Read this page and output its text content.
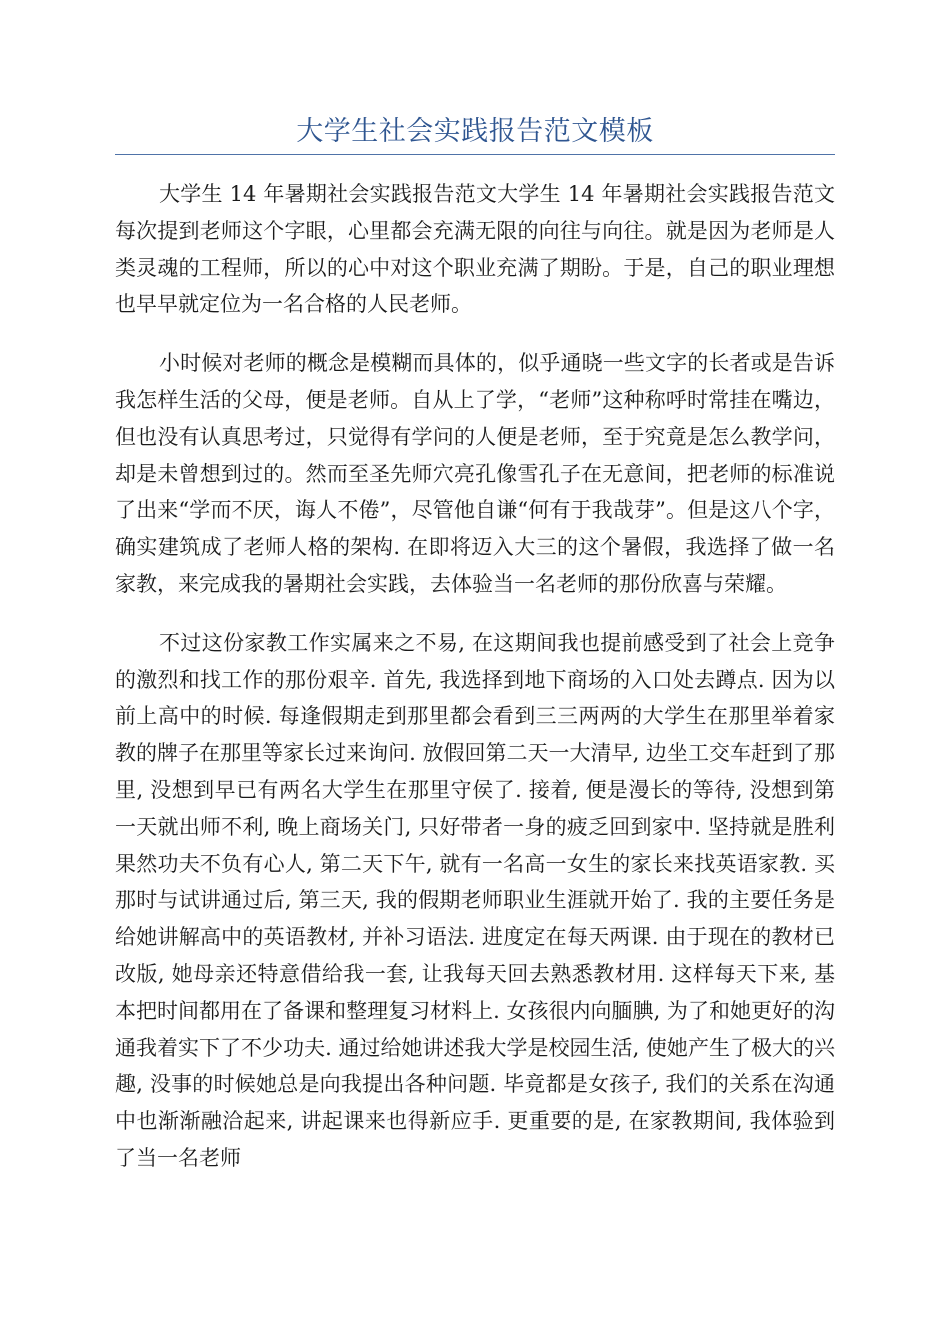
大学生社会实践报告范文模板

大学生 14 年暑期社会实践报告范文大学生 14 年暑期社会实践报告范文每次提到老师这个字眼，心里都会充满无限的向往与向往。就是因为老师是人类灵魂的工程师，所以的心中对这个职业充满了期盼。于是，自己的职业理想也早早就定位为一名合格的人民老师。

小时候对老师的概念是模糊而具体的，似乎通晓一些文字的长者或是告诉我怎样生活的父母，便是老师。自从上了学，“老师”这种称呼时常挂在嘴边，但也没有认真思考过，只觉得有学问的人便是老师，至于究竟是怎么教学问，却是未曾想到过的。然而至圣先师穴亮孔像雪孔子在无意间，把老师的标准说了出来“学而不厌，诲人不倦”，尽管他自谦“何有于我哉芽”。但是这八个字，确实建筑成了老师人格的架构. 在即将迈入大三的这个暑假，我选择了做一名家教，来完成我的暑期社会实践，去体验当一名老师的那份欣喜与荣耀。

不过这份家教工作实属来之不易, 在这期间我也提前感受到了社会上竞争的激烈和找工作的那份艰辛. 首先, 我选择到地下商场的入口处去蹲点. 因为以前上高中的时候. 每逢假期走到那里都会看到三三两两的大学生在那里举着家教的牌子在那里等家长过来询问. 放假回第二天一大清早, 边坐工交车赶到了那里, 没想到早已有两名大学生在那里守侯了. 接着, 便是漫长的等待, 没想到第一天就出师不利, 晚上商场关门, 只好带者一身的疲乏回到家中. 坚持就是胜利果然功夫不负有心人, 第二天下午, 就有一名高一女生的家长来找英语家教. 买那时与试讲通过后, 第三天, 我的假期老师职业生涯就开始了. 我的主要任务是给她讲解高中的英语教材, 并补习语法. 进度定在每天两课. 由于现在的教材已改版, 她母亲还特意借给我一套, 让我每天回去熟悉教材用. 这样每天下来, 基本把时间都用在了备课和整理复习材料上. 女孩很内向腼腆, 为了和她更好的沟通我着实下了不少功夫. 通过给她讲述我大学是校园生活, 使她产生了极大的兴趣, 没事的时候她总是向我提出各种问题. 毕竟都是女孩子, 我们的关系在沟通中也渐渐融洽起来, 讲起课来也得新应手. 更重要的是, 在家教期间, 我体验到了当一名老师
